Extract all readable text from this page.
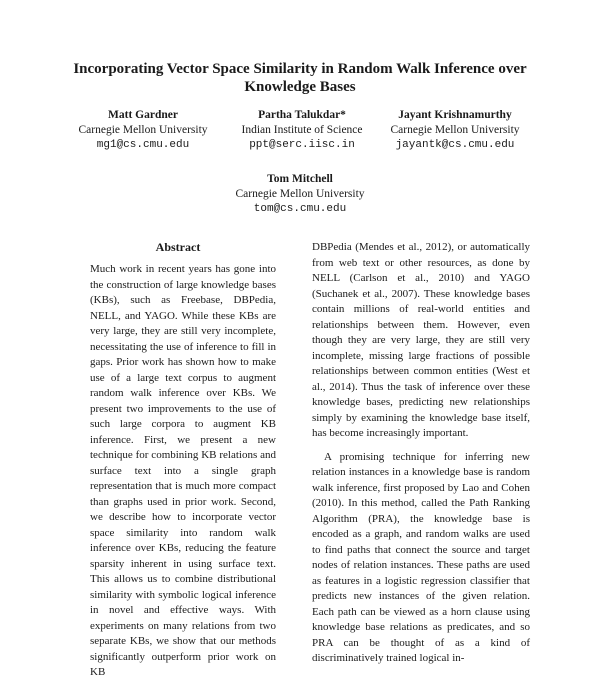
Incorporating Vector Space Similarity in Random Walk Inference over Knowledge Bases
Matt Gardner
Carnegie Mellon University
mg1@cs.cmu.edu
Partha Talukdar*
Indian Institute of Science
ppt@serc.iisc.in
Jayant Krishnamurthy
Carnegie Mellon University
jayantk@cs.cmu.edu
Tom Mitchell
Carnegie Mellon University
tom@cs.cmu.edu
Abstract

Much work in recent years has gone into the construction of large knowledge bases (KBs), such as Freebase, DBPedia, NELL, and YAGO. While these KBs are very large, they are still very incomplete, necessitating the use of inference to fill in gaps. Prior work has shown how to make use of a large text corpus to augment random walk inference over KBs. We present two improvements to the use of such large corpora to augment KB inference. First, we present a new technique for combining KB relations and surface text into a single graph representation that is much more compact than graphs used in prior work. Second, we describe how to incorporate vector space similarity into random walk inference over KBs, reducing the feature sparsity inherent in using surface text. This allows us to combine distributional similarity with symbolic logical inference in novel and effective ways. With experiments on many relations from two separate KBs, we show that our methods significantly outperform prior work on KB

DBPedia (Mendes et al., 2012), or automatically from web text or other resources, as done by NELL (Carlson et al., 2010) and YAGO (Suchanek et al., 2007). These knowledge bases contain millions of real-world entities and relationships between them. However, even though they are very large, they are still very incomplete, missing large fractions of possible relationships between common entities (West et al., 2014). Thus the task of inference over these knowledge bases, predicting new relationships simply by examining the knowledge base itself, has become increasingly important.

A promising technique for inferring new relation instances in a knowledge base is random walk inference, first proposed by Lao and Cohen (2010). In this method, called the Path Ranking Algorithm (PRA), the knowledge base is encoded as a graph, and random walks are used to find paths that connect the source and target nodes of relation instances. These paths are used as features in a logistic regression classifier that predicts new instances of the given relation. Each path can be viewed as a horn clause using knowledge base relations as predicates, and so PRA can be thought of as a kind of discriminatively trained logical in-
